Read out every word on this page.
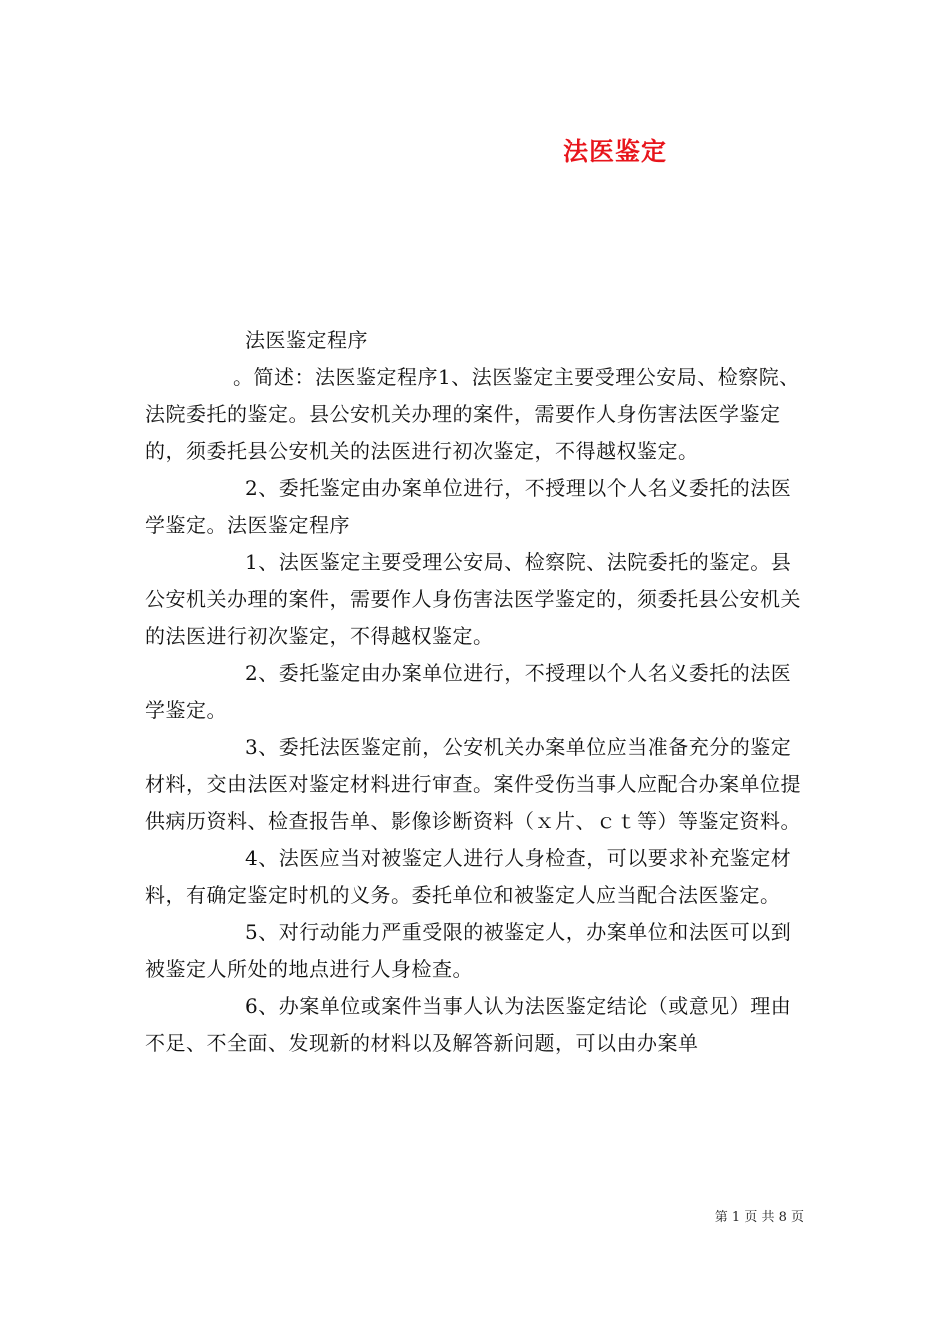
法医鉴定

法医鉴定程序

。简述：法医鉴定程序1、法医鉴定主要受理公安局、检察院、法院委托的鉴定。县公安机关办理的案件，需要作人身伤害法医学鉴定的，须委托县公安机关的法医进行初次鉴定，不得越权鉴定。

2、委托鉴定由办案单位进行，不授理以个人名义委托的法医学鉴定。法医鉴定程序

1、法医鉴定主要受理公安局、检察院、法院委托的鉴定。县公安机关办理的案件，需要作人身伤害法医学鉴定的，须委托县公安机关的法医进行初次鉴定，不得越权鉴定。

2、委托鉴定由办案单位进行，不授理以个人名义委托的法医学鉴定。

3、委托法医鉴定前，公安机关办案单位应当准备充分的鉴定材料，交由法医对鉴定材料进行审查。案件受伤当事人应配合办案单位提供病历资料、检查报告单、影像诊断资料（ｘ片、ｃｔ等）等鉴定资料。

4、法医应当对被鉴定人进行人身检查，可以要求补充鉴定材料，有确定鉴定时机的义务。委托单位和被鉴定人应当配合法医鉴定。

5、对行动能力严重受限的被鉴定人，办案单位和法医可以到被鉴定人所处的地点进行人身检查。

6、办案单位或案件当事人认为法医鉴定结论（或意见）理由不足、不全面、发现新的材料以及解答新问题，可以由办案单

第 1 页 共 8 页
